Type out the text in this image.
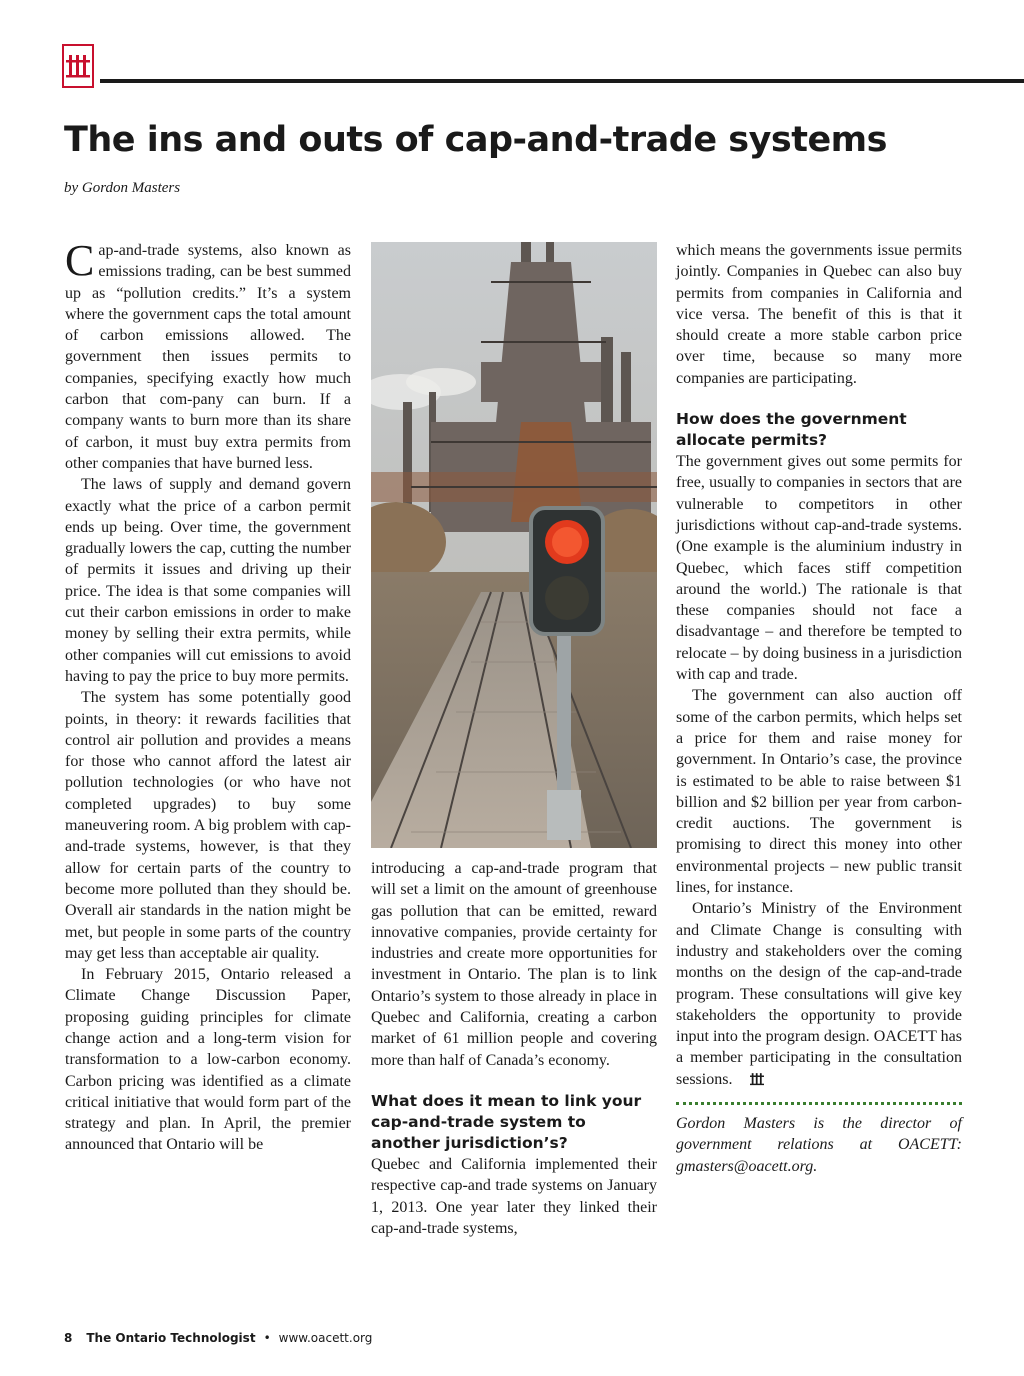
The ins and outs of cap-and-trade systems
by Gordon Masters

Cap-and-trade systems, also known as emissions trading, can be best summed up as “pollution credits.” It’s a system where the government caps the total amount of carbon emissions allowed. The government then issues permits to companies, specifying exactly how much carbon that com-pany can burn. If a company wants to burn more than its share of carbon, it must buy extra permits from other companies that have burned less.

The laws of supply and demand govern exactly what the price of a carbon permit ends up being. Over time, the government gradually lowers the cap, cutting the number of permits it issues and driving up their price. The idea is that some companies will cut their carbon emissions in order to make money by selling their extra permits, while other companies will cut emissions to avoid having to pay the price to buy more permits.

The system has some potentially good points, in theory: it rewards facilities that control air pollution and provides a means for those who cannot afford the latest air pollution technologies (or who have not completed upgrades) to buy some maneuvering room. A big problem with cap-and-trade systems, however, is that they allow for certain parts of the country to become more polluted than they should be. Overall air standards in the nation might be met, but people in some parts of the country may get less than acceptable air quality.

In February 2015, Ontario released a Climate Change Discussion Paper, proposing guiding principles for climate change action and a long-term vision for transformation to a low-carbon economy. Carbon pricing was identified as a climate critical initiative that would form part of the strategy and plan. In April, the premier announced that Ontario will be

introducing a cap-and-trade program that will set a limit on the amount of greenhouse gas pollution that can be emitted, reward innovative companies, provide certainty for industries and create more opportunities for investment in Ontario. The plan is to link Ontario’s system to those already in place in Quebec and California, creating a carbon market of 61 million people and covering more than half of Canada’s economy.

What does it mean to link your cap-and-trade system to another jurisdiction’s?

Quebec and California implemented their respective cap-and trade systems on January 1, 2013. One year later they linked their cap-and-trade systems,

which means the governments issue permits jointly. Companies in Quebec can also buy permits from companies in California and vice versa. The benefit of this is that it should create a more stable carbon price over time, because so many more companies are participating.

How does the government allocate permits?

The government gives out some permits for free, usually to companies in sectors that are vulnerable to competitors in other jurisdictions without cap-and-trade systems. (One example is the aluminium industry in Quebec, which faces stiff competition around the world.) The rationale is that these companies should not face a disadvantage – and therefore be tempted to relocate – by doing business in a jurisdiction with cap and trade.

The government can also auction off some of the carbon permits, which helps set a price for them and raise money for government. In Ontario’s case, the province is estimated to be able to raise between $1 billion and $2 billion per year from carbon-credit auctions. The government is promising to direct this money into other environmental projects – new public transit lines, for instance.

Ontario’s Ministry of the Environment and Climate Change is consulting with industry and stakeholders over the coming months on the design of the cap-and-trade program. These consultations will give key stakeholders the opportunity to provide input into the program design. OACETT has a member participating in the consultation sessions.

Gordon Masters is the director of government relations at OACETT: gmasters@oacett.org.

8 The Ontario Technologist • www.oacett.org
